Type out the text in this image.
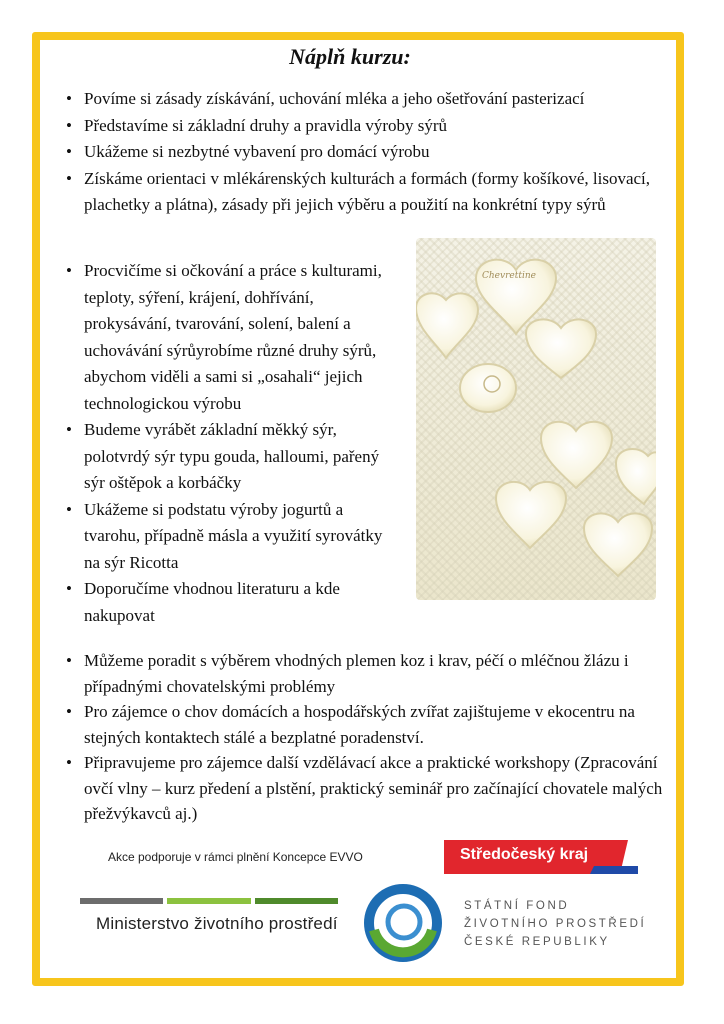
Náplň kurzu:
• Povíme si zásady získávání, uchování mléka a jeho ošetřování pasterizací
• Představíme si základní druhy a pravidla výroby sýrů
• Ukážeme si nezbytné vybavení pro domácí výrobu
• Získáme orientaci v mlékárenských kulturách a formách (formy košíkové, lisovací, plachetky a plátna), zásady při jejich výběru a použití na konkrétní typy sýrů
• Procvičíme si očkování a práce s kulturami, teploty, sýření, krájení, dohřívání, prokysávání, tvarování, solení, balení a uchovávání sýrůyrobíme různé druhy sýrů, abychom viděli a sami si „osahali“ jejich technologickou výrobu
• Budeme vyrábět základní měkký sýr, polotvrdý sýr typu gouda, halloumi, pařený sýr oštěpok a korbáčky
• Ukážeme si podstatu výroby jogurtů a tvarohu, případně másla a využití syrovátky na sýr Ricotta
• Doporučíme vhodnou literaturu a kde nakupovat
Chevrettine
• Můžeme poradit s výběrem vhodných plemen koz i krav, péčí o mléčnou žlázu i případnými chovatelskými problémy
• Pro zájemce o chov domácích a hospodářských zvířat zajištujeme v ekocentru na stejných kontaktech stálé a bezplatné poradenství.
• Připravujeme pro zájemce další vzdělávací akce a praktické workshopy (Zpracování ovčí vlny – kurz předení a plstění, praktický seminář pro začínající chovatele malých přežvýkavců aj.)
Akce podporuje v rámci plnění Koncepce EVVO	Středočeský kraj
Ministerstvo životního prostředí
STÁTNÍ FOND
ŽIVOTNÍHO PROSTŘEDÍ
ČESKÉ REPUBLIKY
